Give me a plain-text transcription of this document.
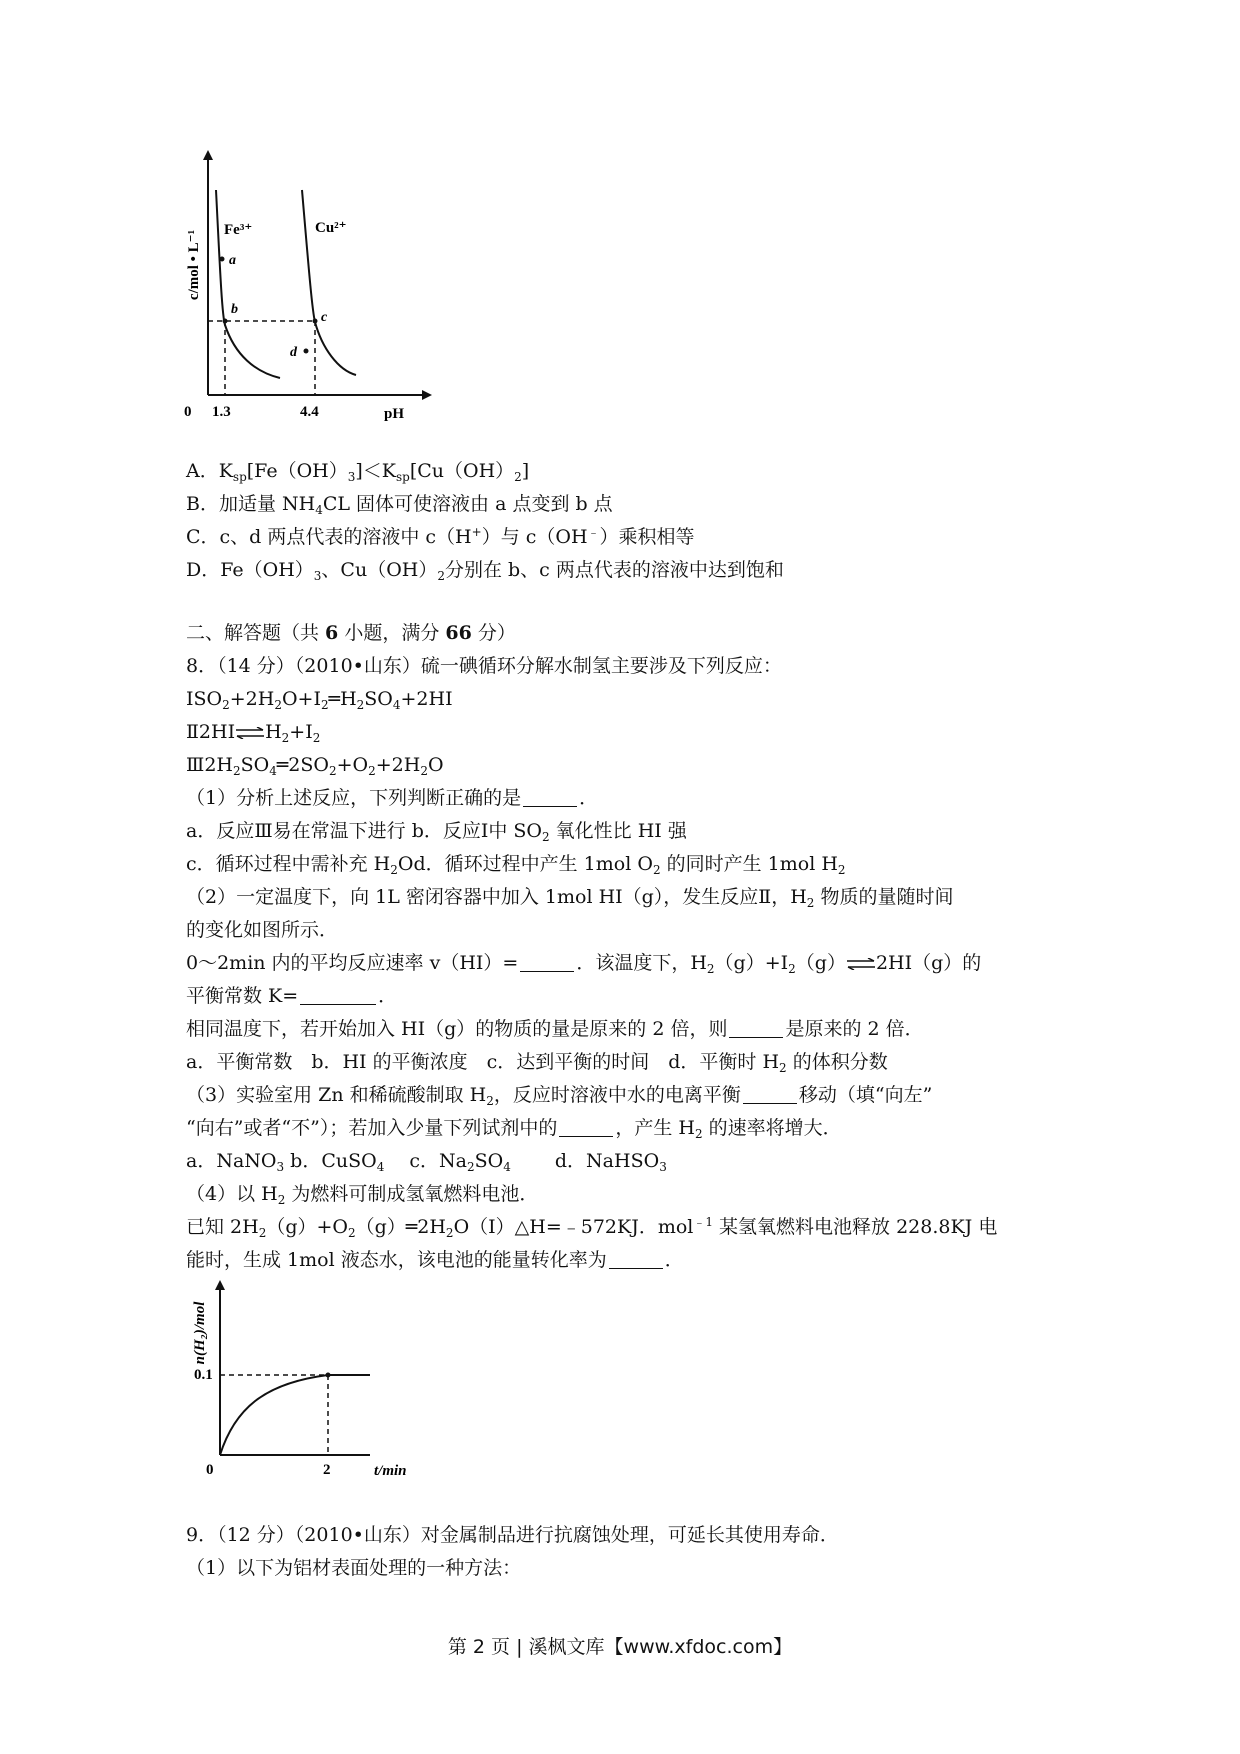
c/mol • L⁻¹ Fe³⁺	Cu²⁺
a
b
c
d
0 1.3	4.4	pH
A．$K_{sp}[Fe(OH)_3]<K_{sp}[Cu(OH)_2]$
B．加适量 $NH_4CL$ 固体可使溶液由 a 点变到 b 点
C．c、d 两点代表的溶液中 c（H+）与 c（OH﹣）乘积相等
D．$Fe(OH)_3$、$Cu(OH)_2$分别在 b、c 两点代表的溶液中达到饱和
二、解答题（共 6 小题，满分 66 分）
8．（14 分）（2010•山东）硫一碘循环分解水制氢主要涉及下列反应：
$ⅠSO_2+2H_2O+I_2═H_2SO_4+2HI$
$Ⅱ2HI\rightleftharpoons H_2+I_2$
$Ⅲ2H_2SO_4═2SO_2+O_2+2H_2O$
（1）分析上述反应，下列判断正确的是	．
a．反应Ⅲ易在常温下进行 b．反应Ⅰ中 $SO_2$ 氧化性比 HI 强
c．循环过程中需补充 $H_2Od$．循环过程中产生 1mol $O_2$ 的同时产生 1mol $H_2$
（2）一定温度下，向 1L 密闭容器中加入 1mol HI（g），发生反应Ⅱ，$H_2$ 物质的量随时间
的变化如图所示．
0～2min 内的平均反应速率 v（HI）=	．该温度下，$H_2(g)+I_2(g)\rightleftharpoons 2HI(g)$的
平衡常数 K=	．
相同温度下，若开始加入 HI（g）的物质的量是原来的 2 倍，则	是原来的 2 倍．
a．平衡常数　b．HI 的平衡浓度　c．达到平衡的时间　d．平衡时 $H_2$ 的体积分数
（3）实验室用 Zn 和稀硫酸制取 $H_2$，反应时溶液中水的电离平衡	移动（填“向左”
“向右”或者“不”）；若加入少量下列试剂中的	，产生 $H_2$ 的速率将增大．
a．NaNO$_3$ b．CuSO$_4$　 c．$Na_2SO_4$　　 d．NaHSO$_3$
（4）以 $H_2$ 为燃料可制成氢氧燃料电池．
已知 $2H_2(g)+O_2(g)═2H_2O(I)\triangle H=﹣572KJ$．mol$^{﹣1}$ 某氢氧燃料电池释放 228.8KJ 电
能时，生成 1mol 液态水，该电池的能量转化率为	．
n(H₂)/mol
0.1
0	2	t/min
9．（12 分）（2010•山东）对金属制品进行抗腐蚀处理，可延长其使用寿命．
（1）以下为铝材表面处理的一种方法：
第 2 页 | 溪枫文库【www.xfdoc.com】
